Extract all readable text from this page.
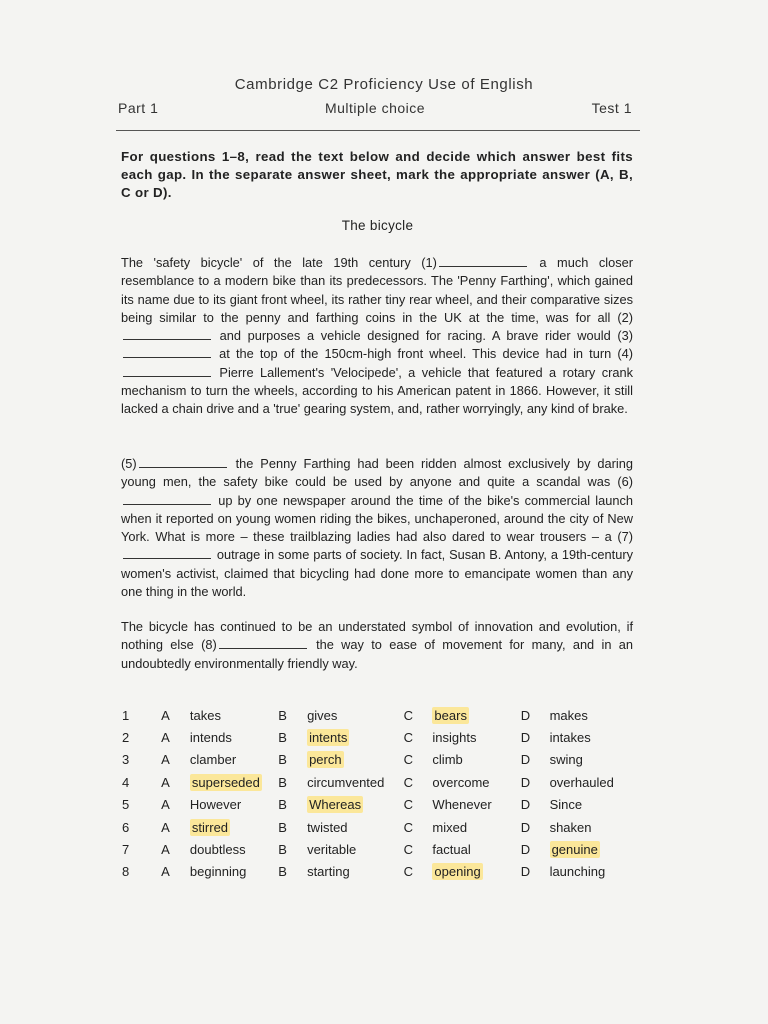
Cambridge C2 Proficiency Use of English
Part 1	Multiple choice	Test 1
For questions 1–8, read the text below and decide which answer best fits each gap. In the separate answer sheet, mark the appropriate answer (A, B, C or D).
The bicycle
The 'safety bicycle' of the late 19th century (1)	a much closer resemblance to a modern bike than its predecessors. The 'Penny Farthing', which gained its name due to its giant front wheel, its rather tiny rear wheel, and their comparative sizes being similar to the penny and farthing coins in the UK at the time, was for all (2) and purposes a vehicle designed for racing. A brave rider would (3) at the top of the 150cm-high front wheel. This device had in turn (4) Pierre Lallement's 'Velocipede', a vehicle that featured a rotary crank mechanism to turn the wheels, according to his American patent in 1866. However, it still lacked a chain drive and a 'true' gearing system, and, rather worryingly, any kind of brake.
(5)	the Penny Farthing had been ridden almost exclusively by daring young men, the safety bike could be used by anyone and quite a scandal was (6) up by one newspaper around the time of the bike's commercial launch when it reported on young women riding the bikes, unchaperoned, around the city of New York. What is more – these trailblazing ladies had also dared to wear trousers – a (7) outrage in some parts of society. In fact, Susan B. Antony, a 19th-century women's activist, claimed that bicycling had done more to emancipate women than any one thing in the world.
The bicycle has continued to be an understated symbol of innovation and evolution, if nothing else (8)	the way to ease of movement for many, and in an undoubtedly environmentally friendly way.
1	A	takes	B	gives	C	bears	D	makes
2	A	intends	B	intents	C	insights	D	intakes
3	A	clamber	B	perch	C	climb	D	swing
4	A	superseded	B	circumvented	C	overcome	D	overhauled
5	A	However	B	Whereas	C	Whenever	D	Since
6	A	stirred	B	twisted	C	mixed	D	shaken
7	A	doubtless	B	veritable	C	factual	D	genuine
8	A	beginning	B	starting	C	opening	D	launching
